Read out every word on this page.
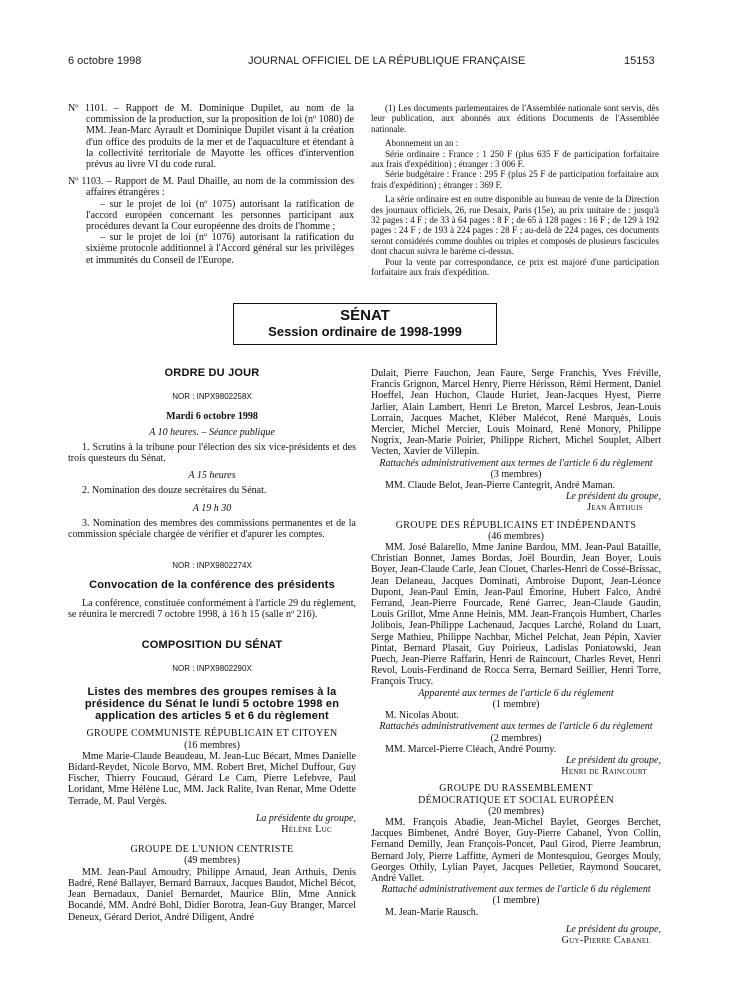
6 octobre 1998	JOURNAL OFFICIEL DE LA RÉPUBLIQUE FRANÇAISE	15153

Nº 1101. – Rapport de M. Dominique Dupilet, au nom de la commission de la production, sur la proposition de loi (nº 1080) de MM. Jean-Marc Ayrault et Dominique Dupilet visant à la création d'un office des produits de la mer et de l'aquaculture et étendant à la collectivité territoriale de Mayotte les offices d'intervention prévus au livre VI du code rural.

Nº 1103. – Rapport de M. Paul Dhaille, au nom de la commission des affaires étrangères :

– sur le projet de loi (nº 1075) autorisant la ratification de l'accord européen concernant les personnes participant aux procédures devant la Cour européenne des droits de l'homme ;

– sur le projet de loi (nº 1076) autorisant la ratification du sixième protocole additionnel à l'Accord général sur les privilèges et immunités du Conseil de l'Europe.

(1) Les documents parlementaires de l'Assemblée nationale sont servis, dès leur publication, aux abonnés aux éditions Documents de l'Assemblée nationale.

Abonnement un an :

Série ordinaire : France : 1 250 F (plus 635 F de participation forfaitaire aux frais d'expédition) ; étranger : 3 006 F.

Série budgétaire : France : 295 F (plus 25 F de participation forfaitaire aux frais d'expédition) ; étranger : 369 F.

La série ordinaire est en outre disponible au bureau de vente de la Direction des journaux officiels, 26, rue Desaix, Paris (15e), au prix unitaire de : jusqu'à 32 pages : 4 F ; de 33 à 64 pages : 8 F ; de 65 à 128 pages : 16 F ; de 129 à 192 pages : 24 F ; de 193 à 224 pages : 28 F ; au-delà de 224 pages, ces documents seront considérés comme doubles ou triples et composés de plusieurs fascicules dont chacun suivra le barème ci-dessus.

Pour la vente par correspondance, ce prix est majoré d'une participation forfaitaire aux frais d'expédition.

SÉNAT
Session ordinaire de 1998-1999

ORDRE DU JOUR

NOR : INPX9802258X

Mardi 6 octobre 1998

A 10 heures. – Séance publique

1. Scrutins à la tribune pour l'élection des six vice-présidents et des trois questeurs du Sénat.

A 15 heures

2. Nomination des douze secrétaires du Sénat.

A 19 h 30

3. Nomination des membres des commissions permanentes et de la commission spéciale chargée de vérifier et d'apurer les comptes.

NOR : INPX9802274X

Convocation de la conférence des présidents

La conférence, constituée conformément à l'article 29 du règlement, se réunira le mercredi 7 octobre 1998, à 16 h 15 (salle nº 216).

COMPOSITION DU SÉNAT

NOR : INPX9802290X

Listes des membres des groupes remises à la présidence du Sénat le lundi 5 octobre 1998 en application des articles 5 et 6 du règlement

GROUPE COMMUNISTE RÉPUBLICAIN ET CITOYEN

(16 membres)

Mme Marie-Claude Beaudeau, M. Jean-Luc Bécart, Mmes Danielle Bidard-Reydet, Nicole Borvo, MM. Robert Bret, Michel Duffour, Guy Fischer, Thierry Foucaud, Gérard Le Cam, Pierre Lefebvre, Paul Loridant, Mme Hélène Luc, MM. Jack Ralite, Ivan Renar, Mme Odette Terrade, M. Paul Vergès.

La présidente du groupe,

Hélène Luc

GROUPE DE L'UNION CENTRISTE

(49 membres)

MM. Jean-Paul Amoudry, Philippe Arnaud, Jean Arthuis, Denis Badré, René Ballayer, Bernard Barraux, Jacques Baudot, Michel Bécot, Jean Bernadaux, Daniel Bernardet, Maurice Blin, Mme Annick Bocandé, MM. André Bohl, Didier Borotra, Jean-Guy Branger, Marcel Deneux, Gérard Deriot, André Diligent, André

Dulait, Pierre Fauchon, Jean Faure, Serge Franchis, Yves Fréville, Francis Grignon, Marcel Henry, Pierre Hérisson, Rémi Herment, Daniel Hoeffel, Jean Huchon, Claude Huriet, Jean-Jacques Hyest, Pierre Jarlier, Alain Lambert, Henri Le Breton, Marcel Lesbros, Jean-Louis Lorrain, Jacques Machet, Kléber Malécot, René Marquès, Louis Mercier, Michel Mercier, Louis Moinard, René Monory, Philippe Nogrix, Jean-Marie Poirier, Philippe Richert, Michel Souplet, Albert Vecten, Xavier de Villepin.

Rattachés administrativement aux termes de l'article 6 du règlement

(3 membres)

MM. Claude Belot, Jean-Pierre Cantegrit, André Maman.

Le président du groupe,

Jean Arthuis

GROUPE DES RÉPUBLICAINS ET INDÉPENDANTS

(46 membres)

MM. José Balarello, Mme Janine Bardou, MM. Jean-Paul Bataille, Christian Bonnet, James Bordas, Joël Bourdin, Jean Boyer, Louis Boyer, Jean-Claude Carle, Jean Clouet, Charles-Henri de Cossé-Brissac, Jean Delaneau, Jacques Dominati, Ambroise Dupont, Jean-Léonce Dupont, Jean-Paul Emin, Jean-Paul Émorine, Hubert Falco, André Ferrand, Jean-Pierre Fourcade, René Garrec, Jean-Claude Gaudin, Louis Grillot, Mme Anne Heinis, MM. Jean-François Humbert, Charles Jolibois, Jean-Philippe Lachenaud, Jacques Larché, Roland du Luart, Serge Mathieu, Philippe Nachbar, Michel Pelchat, Jean Pépin, Xavier Pintat, Bernard Plasait, Guy Poirieux, Ladislas Poniatowski, Jean Puech, Jean-Pierre Raffarin, Henri de Raincourt, Charles Revet, Henri Revol, Louis-Ferdinand de Rocca Serra, Bernard Seillier, Henri Torre, François Trucy.

Apparenté aux termes de l'article 6 du règlement

(1 membre)

M. Nicolas About.

Rattachés administrativement aux termes de l'article 6 du règlement

(2 membres)

MM. Marcel-Pierre Cléach, André Pourny.

Le président du groupe,

Henri de Raincourt

GROUPE DU RASSEMBLEMENT

DÉMOCRATIQUE ET SOCIAL EUROPÉEN

(20 membres)

MM. François Abadie, Jean-Michel Baylet, Georges Berchet, Jacques Bimbenet, André Boyer, Guy-Pierre Cabanel, Yvon Collin, Fernand Demilly, Jean François-Poncet, Paul Girod, Pierre Jeambrun, Bernard Joly, Pierre Laffitte, Aymeri de Montesquiou, Georges Mouly, Georges Othily, Lylian Payet, Jacques Pelletier, Raymond Soucaret, André Vallet.

Rattaché administrativement aux termes de l'article 6 du règlement

(1 membre)

M. Jean-Marie Rausch.

Le président du groupe,

Guy-Pierre Cabanel
